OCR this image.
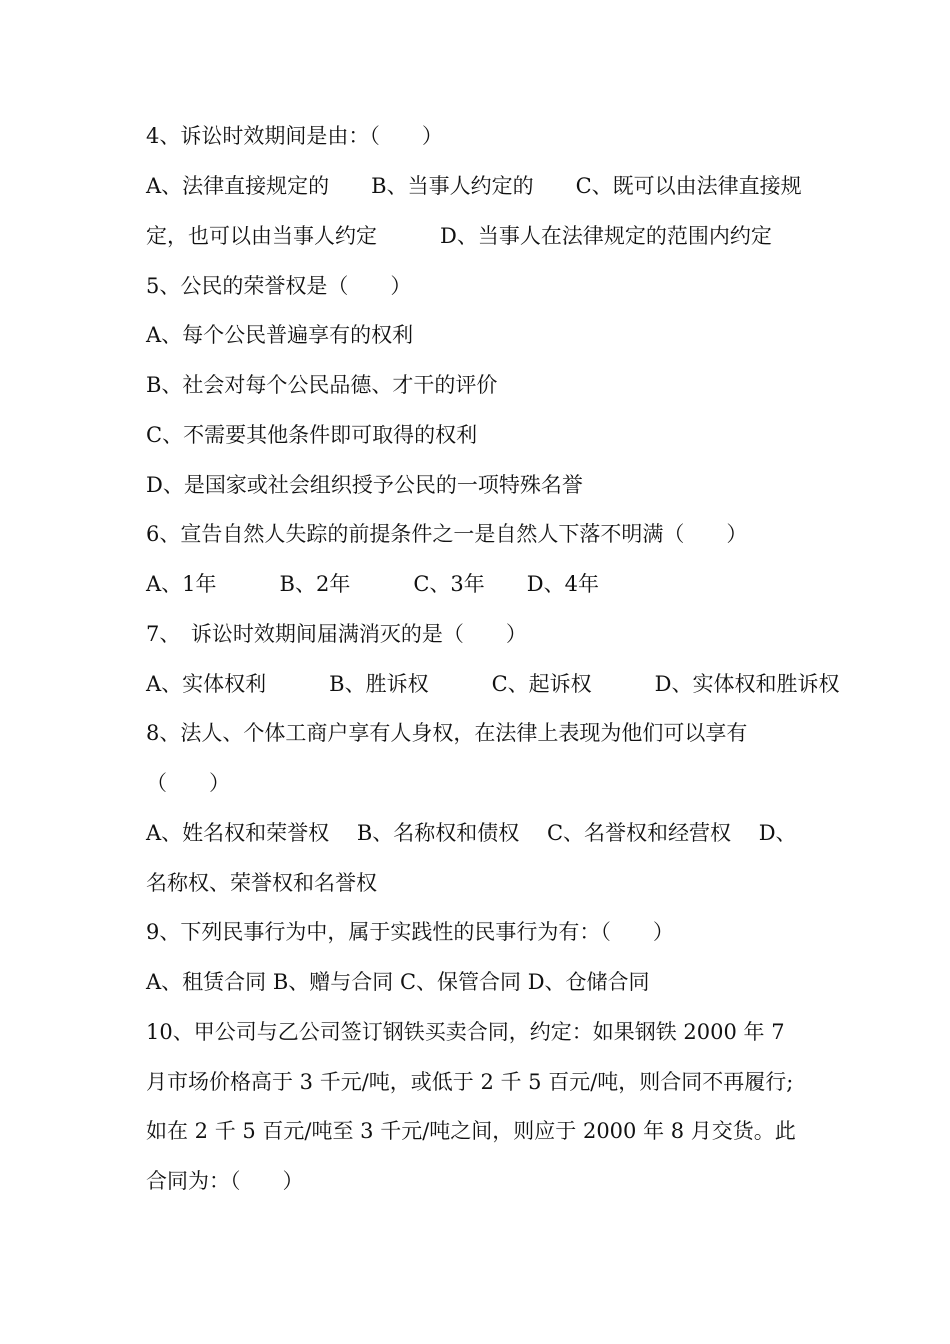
4、诉讼时效期间是由：（　　）
A、法律直接规定的　　B、当事人约定的　　C、既可以由法律直接规
定，也可以由当事人约定　　　D、当事人在法律规定的范围内约定
5、公民的荣誉权是（　　）
A、每个公民普遍享有的权利
B、社会对每个公民品德、才干的评价
C、不需要其他条件即可取得的权利
D、是国家或社会组织授予公民的一项特殊名誉
6、宣告自然人失踪的前提条件之一是自然人下落不明满（　　）
A、1年　　　B、2年　　　C、3年　　D、4年
7、　诉讼时效期间届满消灭的是（　　）
A、实体权利　　　B、胜诉权　　　C、起诉权　　　D、实体权和胜诉权
8、法人、个体工商户享有人身权，在法律上表现为他们可以享有
（　　）
A、姓名权和荣誉权　 B、名称权和债权　 C、名誉权和经营权　 D、
名称权、荣誉权和名誉权
9、下列民事行为中，属于实践性的民事行为有：（　　）
A、租赁合同 B、赠与合同 C、保管合同 D、仓储合同
10、甲公司与乙公司签订钢铁买卖合同，约定：如果钢铁 2000 年 7
月市场价格高于 3 千元/吨，或低于 2 千 5 百元/吨，则合同不再履行;
如在 2 千 5 百元/吨至 3 千元/吨之间，则应于 2000 年 8 月交货。此
合同为：（　　）
